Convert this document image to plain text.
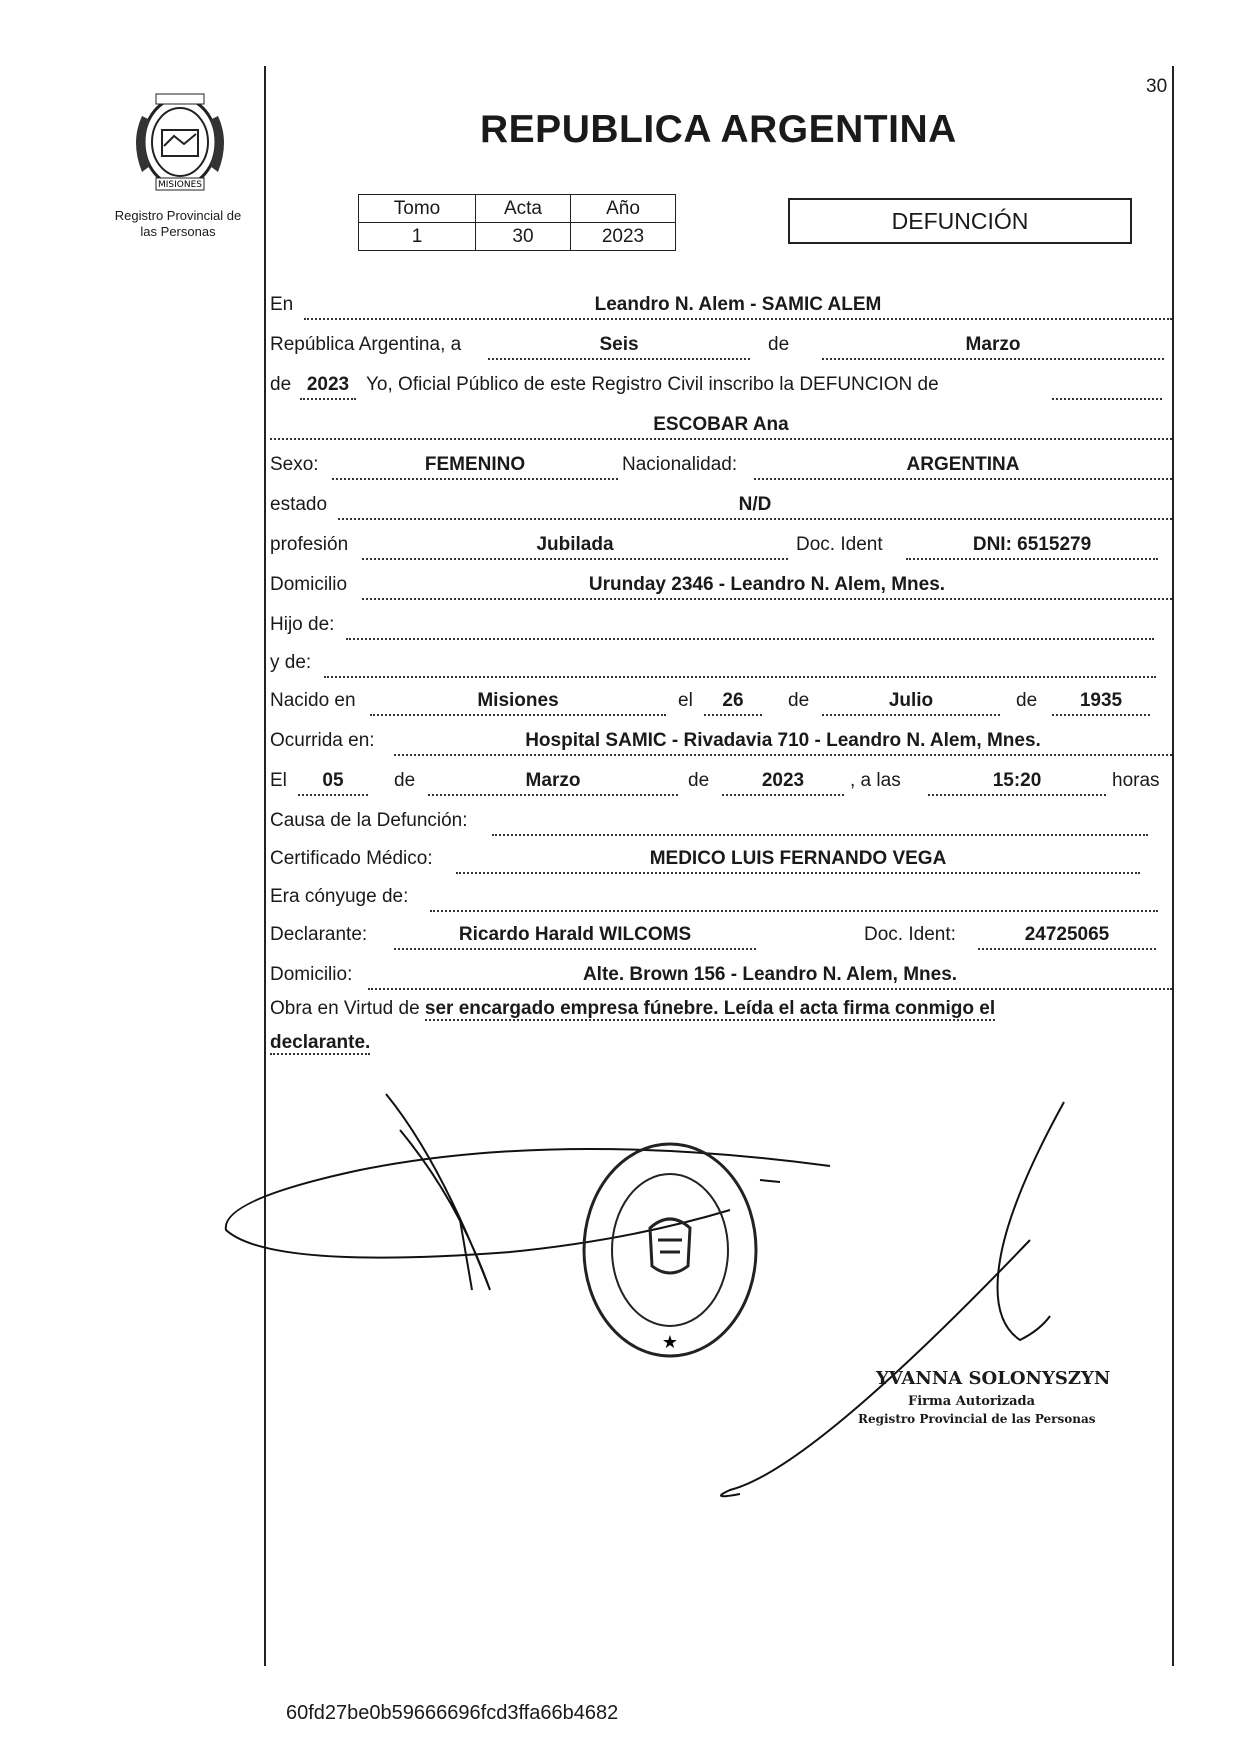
30
MISIONES
Registro Provincial de
las Personas
REPUBLICA ARGENTINA
Tomo	Acta	Año
1	30	2023
DEFUNCIÓN
En	Leandro N. Alem - SAMIC ALEM
República Argentina, a	Seis	de	Marzo
de 2023 Yo, Oficial Público de este Registro Civil inscribo la DEFUNCION de
ESCOBAR Ana
Sexo:	FEMENINO	Nacionalidad:	ARGENTINA
estado	N/D
profesión	Jubilada	Doc. Ident	DNI: 6515279
Domicilio	Urunday 2346 - Leandro N. Alem, Mnes.
Hijo de:
y de:
Nacido en	Misiones	el	26	de	Julio	de	1935
Ocurrida en:	Hospital SAMIC - Rivadavia 710 - Leandro N. Alem, Mnes.
El	05	de	Marzo	de	2023	, a las	15:20	horas
Causa de la Defunción:
Certificado Médico:	MEDICO LUIS FERNANDO VEGA
Era cónyuge de:
Declarante:	Ricardo Harald WILCOMS	Doc. Ident:	24725065
Domicilio:	Alte. Brown 156 - Leandro N. Alem, Mnes.
Obra en Virtud de ser encargado empresa fúnebre. Leída el acta firma conmigo el
declarante.
★
YVANNA SOLONYSZYN
Firma Autorizada
Registro Provincial de las Personas
60fd27be0b59666696fcd3ffa66b4682
